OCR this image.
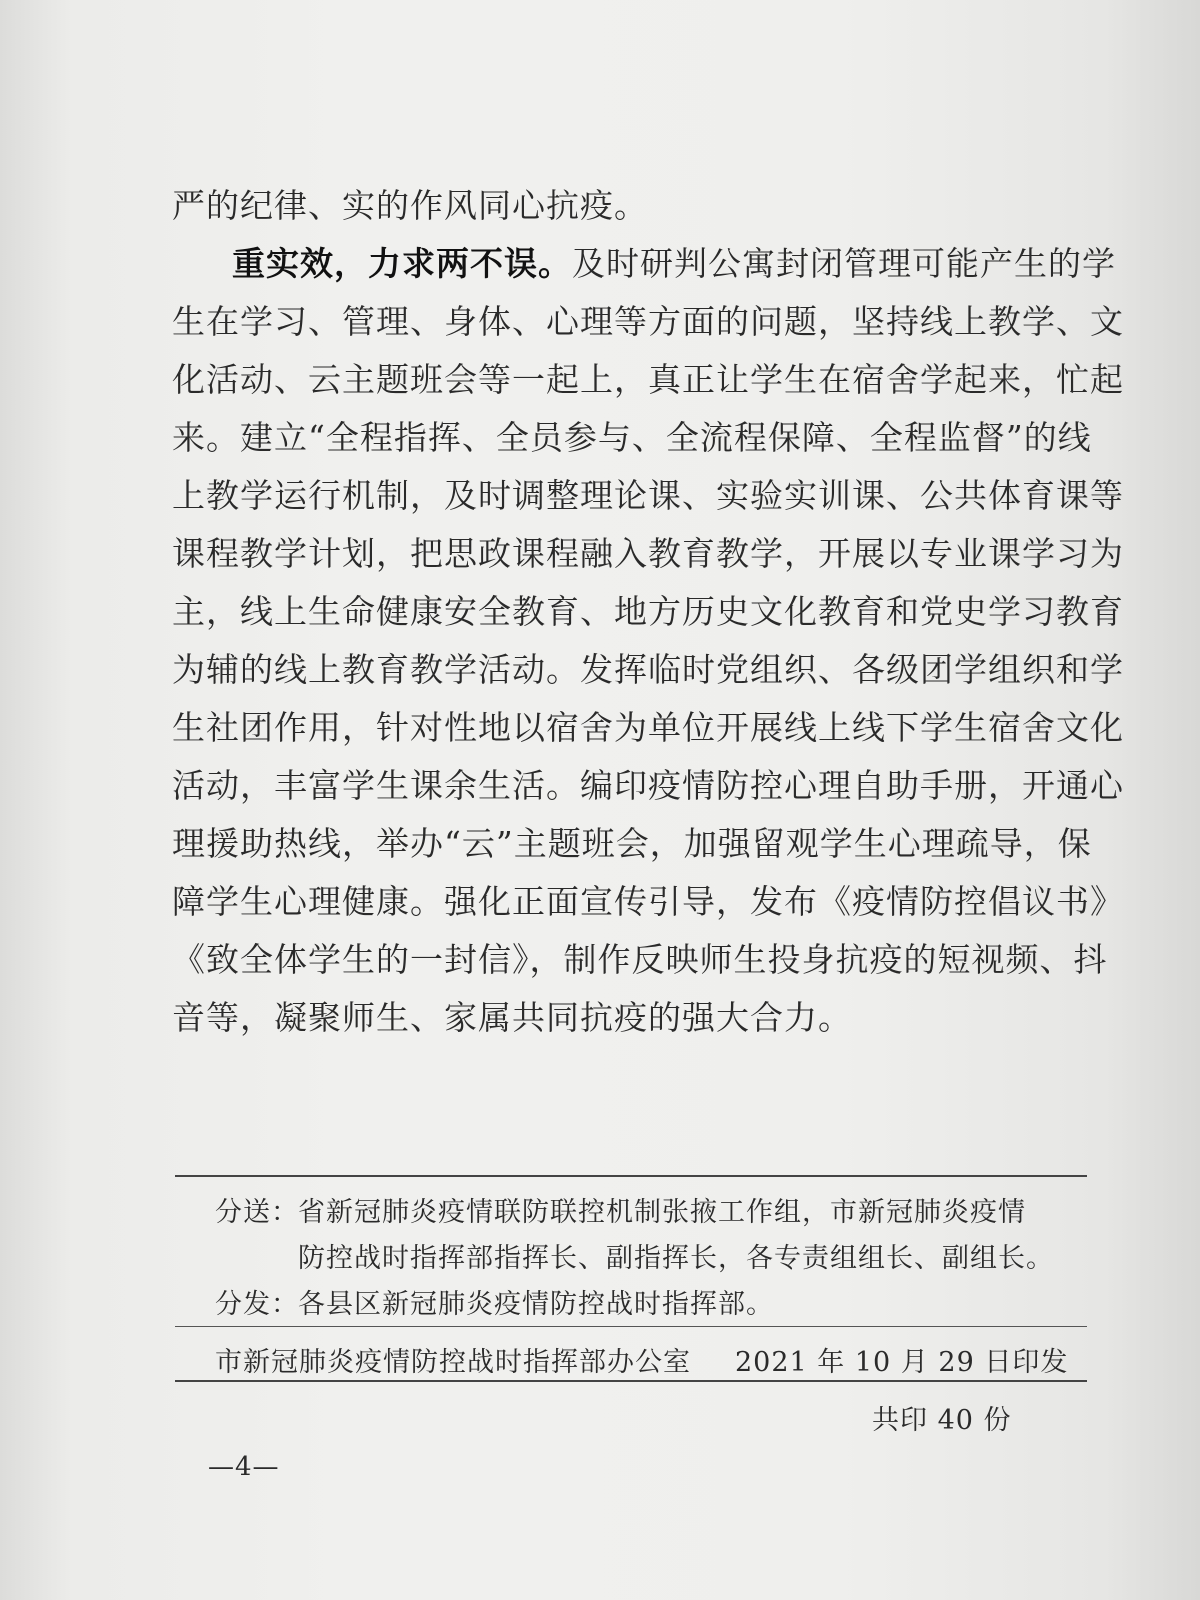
严的纪律、实的作风同心抗疫。
重实效，力求两不误。及时研判公寓封闭管理可能产生的学
生在学习、管理、身体、心理等方面的问题，坚持线上教学、文
化活动、云主题班会等一起上，真正让学生在宿舍学起来，忙起
来。建立“全程指挥、全员参与、全流程保障、全程监督”的线
上教学运行机制，及时调整理论课、实验实训课、公共体育课等
课程教学计划，把思政课程融入教育教学，开展以专业课学习为
主，线上生命健康安全教育、地方历史文化教育和党史学习教育
为辅的线上教育教学活动。发挥临时党组织、各级团学组织和学
生社团作用，针对性地以宿舍为单位开展线上线下学生宿舍文化
活动，丰富学生课余生活。编印疫情防控心理自助手册，开通心
理援助热线，举办“云”主题班会，加强留观学生心理疏导，保
障学生心理健康。强化正面宣传引导，发布《疫情防控倡议书》
《致全体学生的一封信》，制作反映师生投身抗疫的短视频、抖
音等，凝聚师生、家属共同抗疫的强大合力。
分送： 省新冠肺炎疫情联防联控机制张掖工作组，市新冠肺炎疫情
防控战时指挥部指挥长、副指挥长，各专责组组长、副组长。
分发： 各县区新冠肺炎疫情防控战时指挥部。
市新冠肺炎疫情防控战时指挥部办公室 2021 年 10 月 29 日印发
共印 40 份
—4—
